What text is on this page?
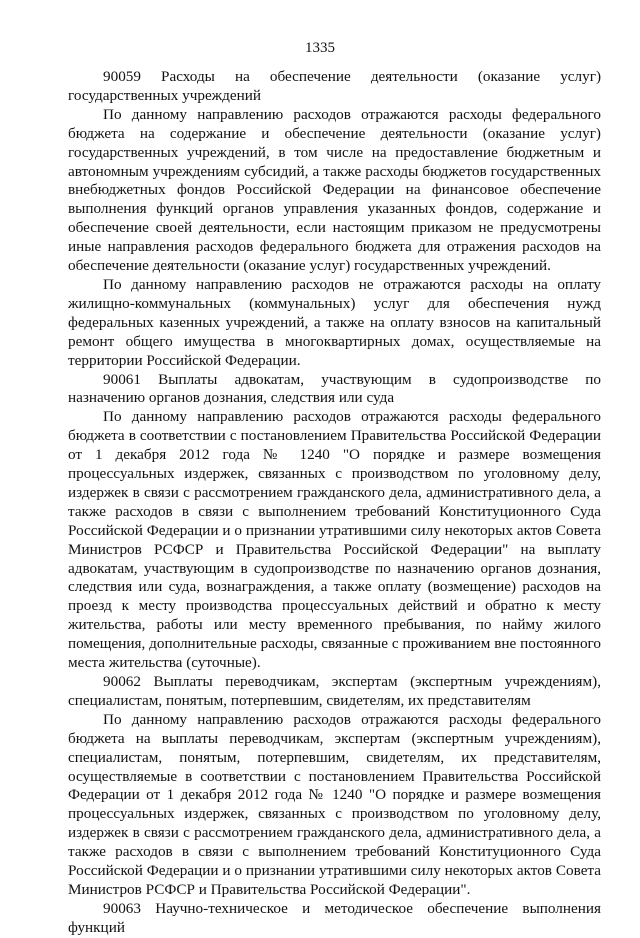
1335

90059 Расходы на обеспечение деятельности (оказание услуг) государственных учреждений

По данному направлению расходов отражаются расходы федерального бюджета на содержание и обеспечение деятельности (оказание услуг) государственных учреждений, в том числе на предоставление бюджетным и автономным учреждениям субсидий, а также расходы бюджетов государственных внебюджетных фондов Российской Федерации на финансовое обеспечение выполнения функций органов управления указанных фондов, содержание и обеспечение своей деятельности, если настоящим приказом не предусмотрены иные направления расходов федерального бюджета для отражения расходов на обеспечение деятельности (оказание услуг) государственных учреждений.

По данному направлению расходов не отражаются расходы на оплату жилищно-коммунальных (коммунальных) услуг для обеспечения нужд федеральных казенных учреждений, а также на оплату взносов на капитальный ремонт общего имущества в многоквартирных домах, осуществляемые на территории Российской Федерации.

90061 Выплаты адвокатам, участвующим в судопроизводстве по назначению органов дознания, следствия или суда

По данному направлению расходов отражаются расходы федерального бюджета в соответствии с постановлением Правительства Российской Федерации от 1 декабря 2012 года № 1240 "О порядке и размере возмещения процессуальных издержек, связанных с производством по уголовному делу, издержек в связи с рассмотрением гражданского дела, административного дела, а также расходов в связи с выполнением требований Конституционного Суда Российской Федерации и о признании утратившими силу некоторых актов Совета Министров РСФСР и Правительства Российской Федерации" на выплату адвокатам, участвующим в судопроизводстве по назначению органов дознания, следствия или суда, вознаграждения, а также оплату (возмещение) расходов на проезд к месту производства процессуальных действий и обратно к месту жительства, работы или месту временного пребывания, по найму жилого помещения, дополнительные расходы, связанные с проживанием вне постоянного места жительства (суточные).

90062 Выплаты переводчикам, экспертам (экспертным учреждениям), специалистам, понятым, потерпевшим, свидетелям, их представителям

По данному направлению расходов отражаются расходы федерального бюджета на выплаты переводчикам, экспертам (экспертным учреждениям), специалистам, понятым, потерпевшим, свидетелям, их представителям, осуществляемые в соответствии с постановлением Правительства Российской Федерации от 1 декабря 2012 года № 1240 "О порядке и размере возмещения процессуальных издержек, связанных с производством по уголовному делу, издержек в связи с рассмотрением гражданского дела, административного дела, а также расходов в связи с выполнением требований Конституционного Суда Российской Федерации и о признании утратившими силу некоторых актов Совета Министров РСФСР и Правительства Российской Федерации".

90063 Научно-техническое и методическое обеспечение выполнения функций
